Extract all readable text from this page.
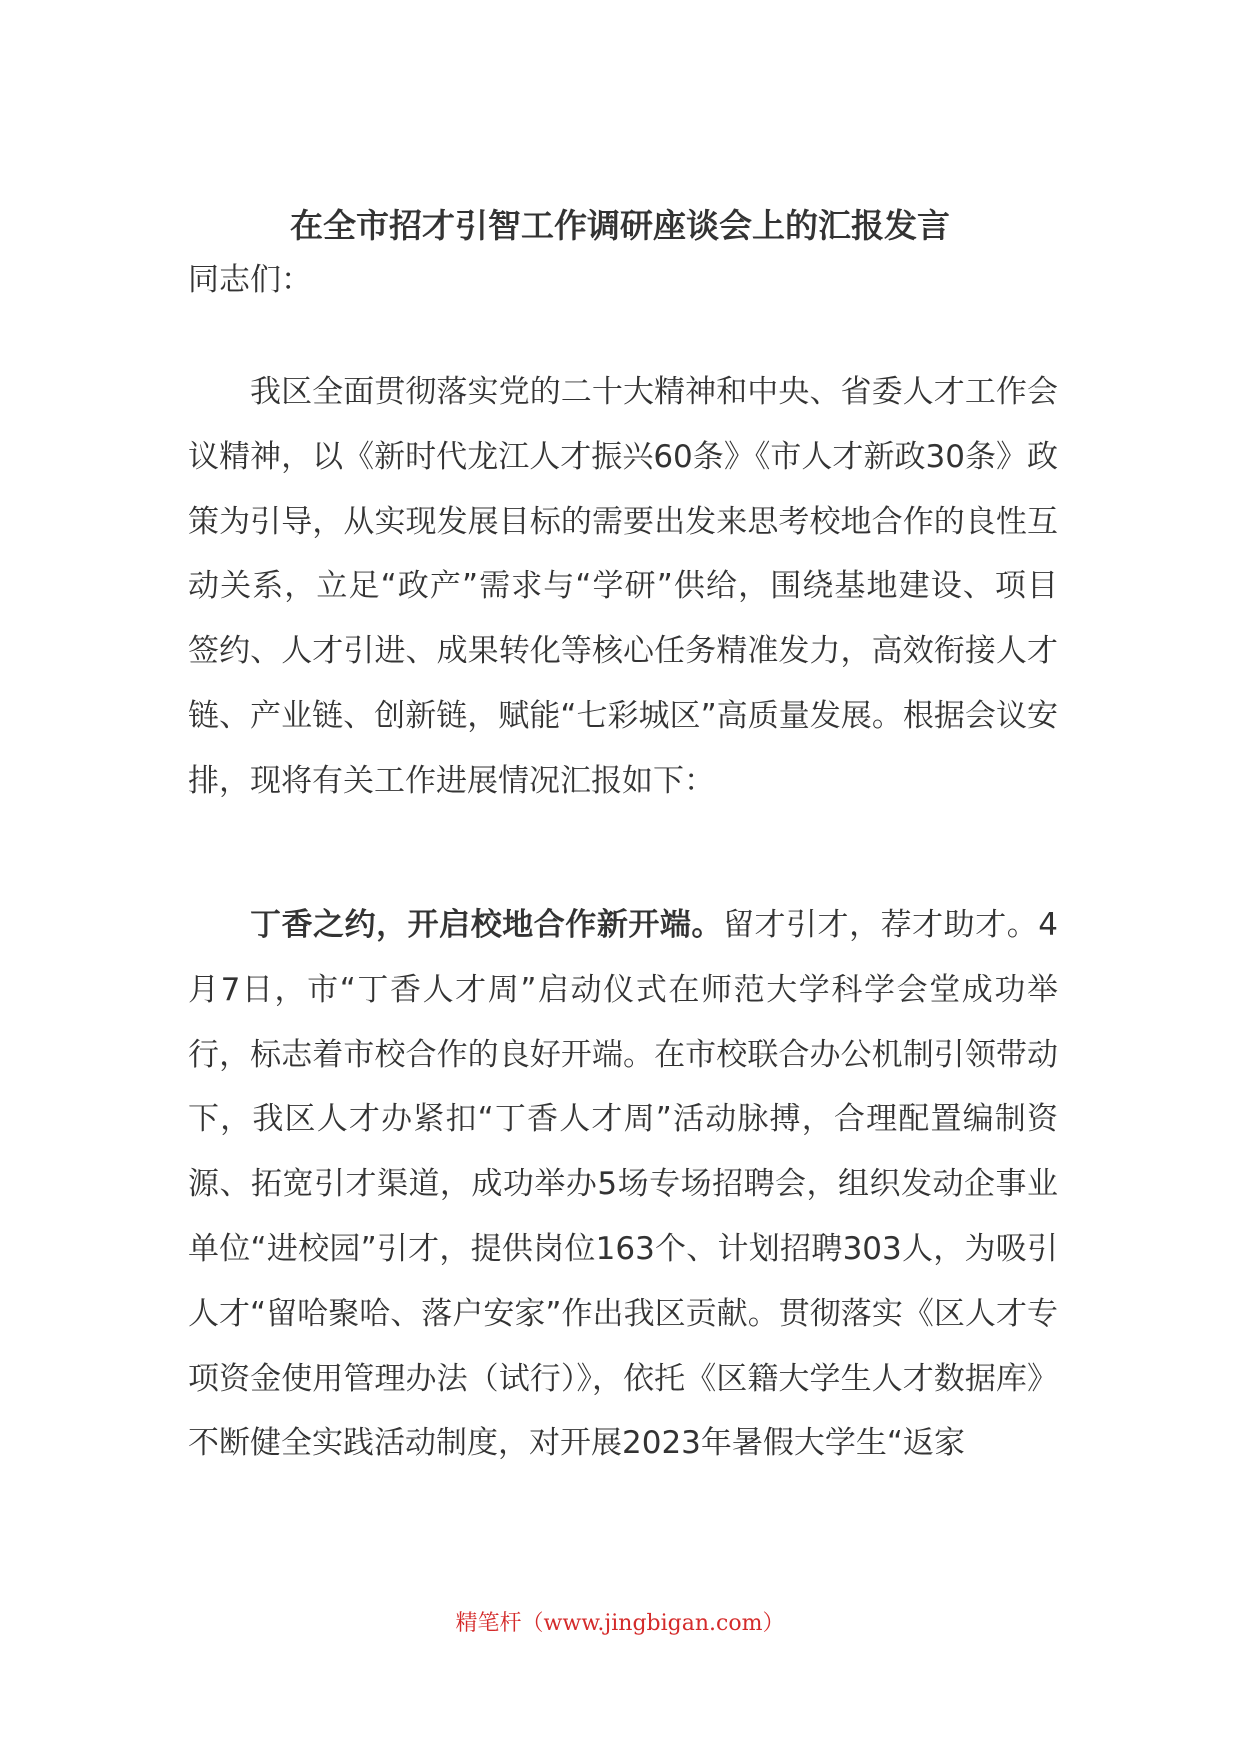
在全市招才引智工作调研座谈会上的汇报发言
同志们：

我区全面贯彻落实党的二十大精神和中央、省委人才工作会议精神，以《新时代龙江人才振兴60条》《市人才新政30条》政策为引导，从实现发展目标的需要出发来思考校地合作的良性互动关系，立足“政产”需求与“学研”供给，围绕基地建设、项目签约、人才引进、成果转化等核心任务精准发力，高效衔接人才链、产业链、创新链，赋能“七彩城区”高质量发展。根据会议安排，现将有关工作进展情况汇报如下：

丁香之约，开启校地合作新开端。留才引才，荐才助才。4月7日，市“丁香人才周”启动仪式在师范大学科学会堂成功举行，标志着市校合作的良好开端。在市校联合办公机制引领带动下，我区人才办紧扣“丁香人才周”活动脉搏，合理配置编制资源、拓宽引才渠道，成功举办5场专场招聘会，组织发动企事业单位“进校园”引才，提供岗位163个、计划招聘303人，为吸引人才“留哈聚哈、落户安家”作出我区贡献。贯彻落实《区人才专项资金使用管理办法（试行）》，依托《区籍大学生人才数据库》不断健全实践活动制度，对开展2023年暑假大学生“返家

精笔杆（www.jingbigan.com）
